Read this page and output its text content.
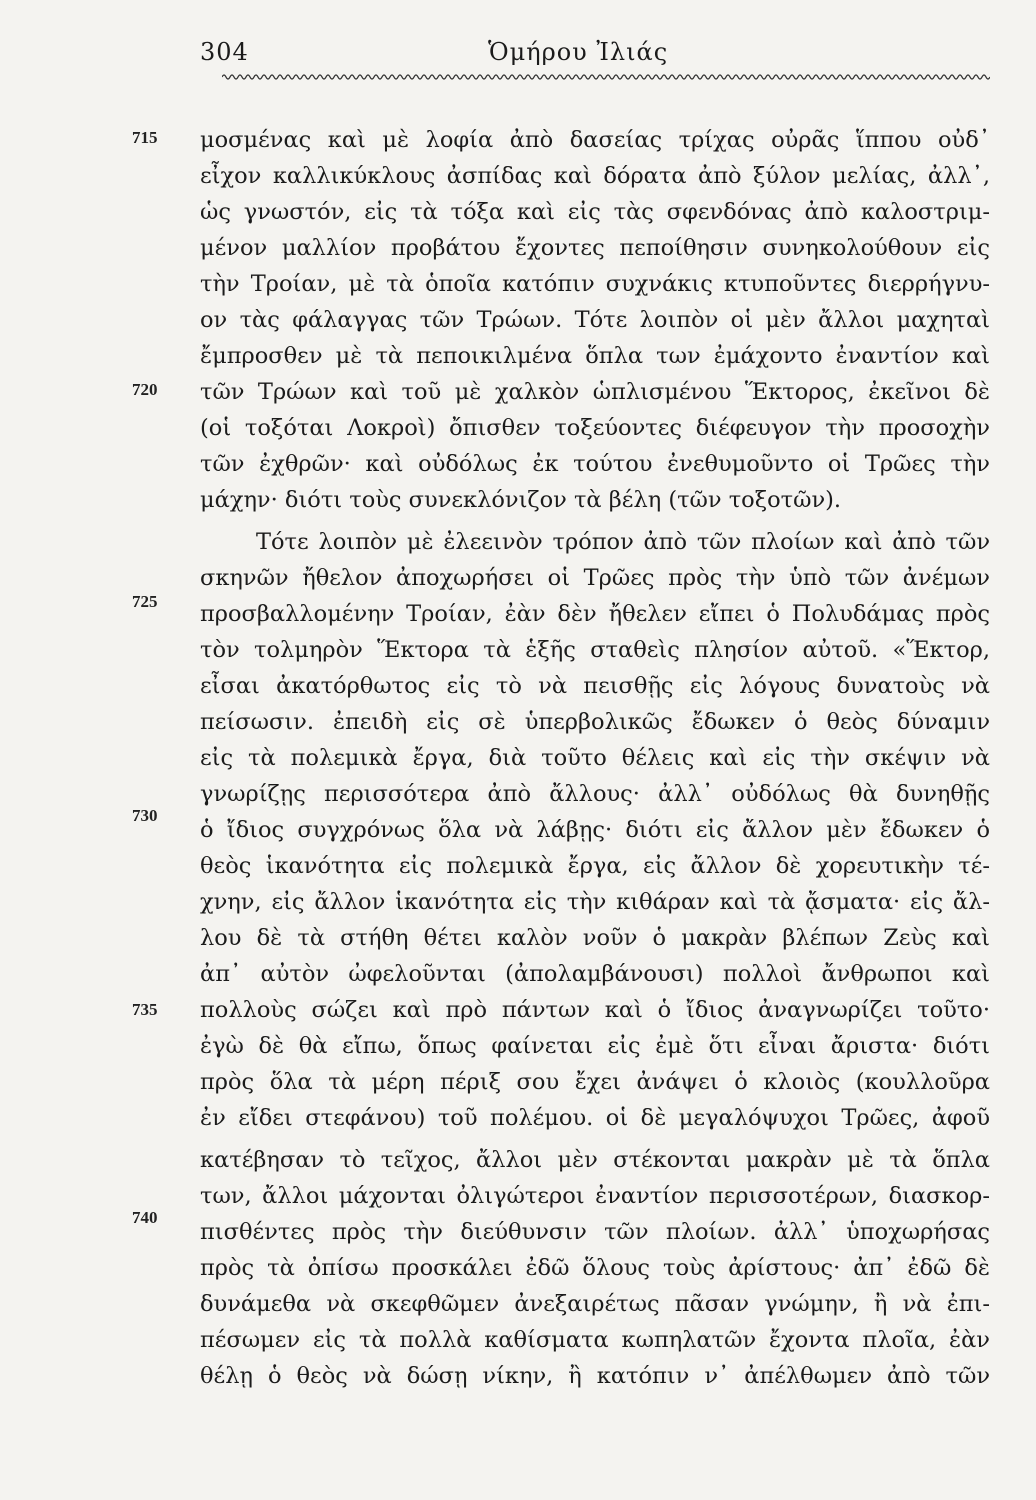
304	Ὁμήρου Ἰλιάς
715
720
725
730
735
740
μοσμένας καὶ μὲ λοφία ἀπὸ δασείας τρίχας οὐρᾶς ἵππου οὐδ᾽
εἶχον καλλικύκλους ἀσπίδας καὶ δόρατα ἀπὸ ξύλον μελίας, ἀλλ᾽,
ὡς γνωστόν, εἰς τὰ τόξα καὶ εἰς τὰς σφενδόνας ἀπὸ καλοστριμ-
μένον μαλλίον προβάτου ἔχοντες πεποίθησιν συνηκολούθουν εἰς
τὴν Τροίαν, μὲ τὰ ὁποῖα κατόπιν συχνάκις κτυποῦντες διερρήγνυ-
ον τὰς φάλαγγας τῶν Τρώων. Τότε λοιπὸν οἱ μὲν ἄλλοι μαχηταὶ
ἔμπροσθεν μὲ τὰ πεποικιλμένα ὅπλα των ἐμάχοντο ἐναντίον καὶ
τῶν Τρώων καὶ τοῦ μὲ χαλκὸν ὡπλισμένου Ἕκτορος, ἐκεῖνοι δὲ
(οἱ τοξόται Λοκροὶ) ὄπισθεν τοξεύοντες διέφευγον τὴν προσοχὴν
τῶν ἐχθρῶν· καὶ οὐδόλως ἐκ τούτου ἐνεθυμοῦντο οἱ Τρῶες τὴν
μάχην· διότι τοὺς συνεκλόνιζον τὰ βέλη (τῶν τοξοτῶν).
Τότε λοιπὸν μὲ ἐλεεινὸν τρόπον ἀπὸ τῶν πλοίων καὶ ἀπὸ τῶν
σκηνῶν ἤθελον ἀποχωρήσει οἱ Τρῶες πρὸς τὴν ὑπὸ τῶν ἀνέμων
προσβαλλομένην Τροίαν, ἐὰν δὲν ἤθελεν εἴπει ὁ Πολυδάμας πρὸς
τὸν τολμηρὸν Ἕκτορα τὰ ἑξῆς σταθεὶς πλησίον αὐτοῦ. «Ἕκτορ,
εἶσαι ἀκατόρθωτος εἰς τὸ νὰ πεισθῇς εἰς λόγους δυνατοὺς νὰ
πείσωσιν. ἐπειδὴ εἰς σὲ ὑπερβολικῶς ἔδωκεν ὁ θεὸς δύναμιν
εἰς τὰ πολεμικὰ ἔργα, διὰ τοῦτο θέλεις καὶ εἰς τὴν σκέψιν νὰ
γνωρίζῃς περισσότερα ἀπὸ ἄλλους· ἀλλ᾽ οὐδόλως θὰ δυνηθῇς
ὁ ἴδιος συγχρόνως ὅλα νὰ λάβῃς· διότι εἰς ἄλλον μὲν ἔδωκεν ὁ
θεὸς ἱκανότητα εἰς πολεμικὰ ἔργα, εἰς ἄλλον δὲ χορευτικὴν τέ-
χνην, εἰς ἄλλον ἱκανότητα εἰς τὴν κιθάραν καὶ τὰ ᾄσματα· εἰς ἄλ-
λου δὲ τὰ στήθη θέτει καλὸν νοῦν ὁ μακρὰν βλέπων Ζεὺς καὶ
ἀπ᾽ αὐτὸν ὠφελοῦνται (ἀπολαμβάνουσι) πολλοὶ ἄνθρωποι καὶ
πολλοὺς σώζει καὶ πρὸ πάντων καὶ ὁ ἴδιος ἀναγνωρίζει τοῦτο·
ἐγὼ δὲ θὰ εἴπω, ὅπως φαίνεται εἰς ἐμὲ ὅτι εἶναι ἄριστα· διότι
πρὸς ὅλα τὰ μέρη πέριξ σου ἔχει ἀνάψει ὁ κλοιὸς (κουλλοῦρα
ἐν εἴδει στεφάνου) τοῦ πολέμου. οἱ δὲ μεγαλόψυχοι Τρῶες, ἀφοῦ
κατέβησαν τὸ τεῖχος, ἄλλοι μὲν στέκονται μακρὰν μὲ τὰ ὅπλα
των, ἄλλοι μάχονται ὀλιγώτεροι ἐναντίον περισσοτέρων, διασκορ-
πισθέντες πρὸς τὴν διεύθυνσιν τῶν πλοίων. ἀλλ᾽ ὑποχωρήσας
πρὸς τὰ ὀπίσω προσκάλει ἐδῶ ὅλους τοὺς ἀρίστους· ἀπ᾽ ἐδῶ δὲ
δυνάμεθα νὰ σκεφθῶμεν ἀνεξαιρέτως πᾶσαν γνώμην, ἢ νὰ ἐπι-
πέσωμεν εἰς τὰ πολλὰ καθίσματα κωπηλατῶν ἔχοντα πλοῖα, ἐὰν
θέλῃ ὁ θεὸς νὰ δώσῃ νίκην, ἢ κατόπιν ν᾽ ἀπέλθωμεν ἀπὸ τῶν
